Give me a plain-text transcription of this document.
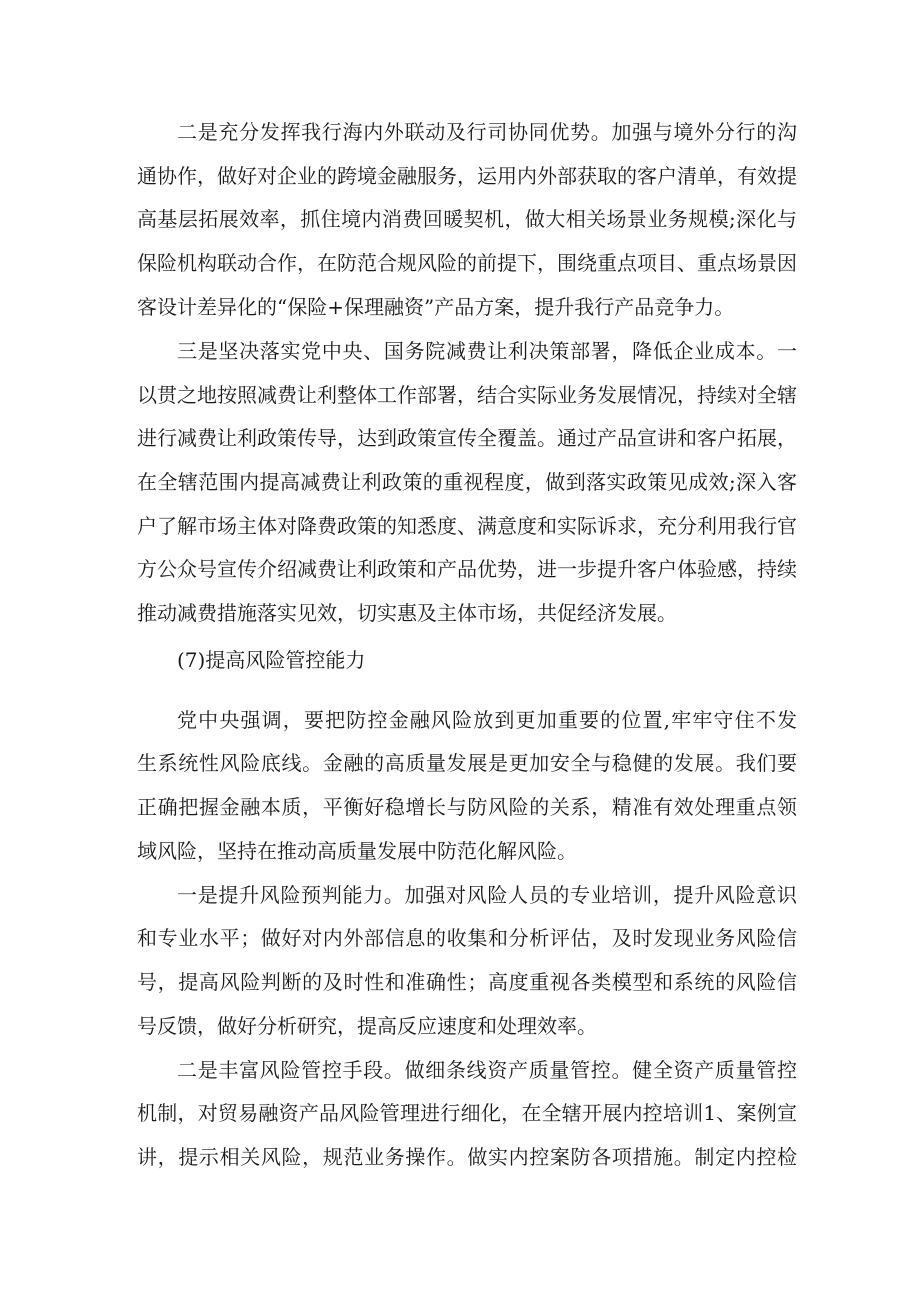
二是充分发挥我行海内外联动及行司协同优势。加强与境外分行的沟
通协作，做好对企业的跨境金融服务，运用内外部获取的客户清单，有效提
高基层拓展效率，抓住境内消费回暖契机，做大相关场景业务规模;深化与
保险机构联动合作，在防范合规风险的前提下，围绕重点项目、重点场景因
客设计差异化的“保险+保理融资”产品方案，提升我行产品竞争力。
三是坚决落实党中央、国务院减费让利决策部署，降低企业成本。一
以贯之地按照减费让利整体工作部署，结合实际业务发展情况，持续对全辖
进行减费让利政策传导，达到政策宣传全覆盖。通过产品宣讲和客户拓展，
在全辖范围内提高减费让利政策的重视程度，做到落实政策见成效;深入客
户了解市场主体对降费政策的知悉度、满意度和实际诉求，充分利用我行官
方公众号宣传介绍减费让利政策和产品优势，进一步提升客户体验感，持续
推动减费措施落实见效，切实惠及主体市场，共促经济发展。
(7)提高风险管控能力
党中央强调，要把防控金融风险放到更加重要的位置,牢牢守住不发
生系统性风险底线。金融的高质量发展是更加安全与稳健的发展。我们要
正确把握金融本质，平衡好稳增长与防风险的关系，精准有效处理重点领
域风险，坚持在推动高质量发展中防范化解风险。
一是提升风险预判能力。加强对风险人员的专业培训，提升风险意识
和专业水平；做好对内外部信息的收集和分析评估，及时发现业务风险信
号，提高风险判断的及时性和准确性；高度重视各类模型和系统的风险信
号反馈，做好分析研究，提高反应速度和处理效率。
二是丰富风险管控手段。做细条线资产质量管控。健全资产质量管控
机制，对贸易融资产品风险管理进行细化，在全辖开展内控培训1、案例宣
讲，提示相关风险，规范业务操作。做实内控案防各项措施。制定内控检
